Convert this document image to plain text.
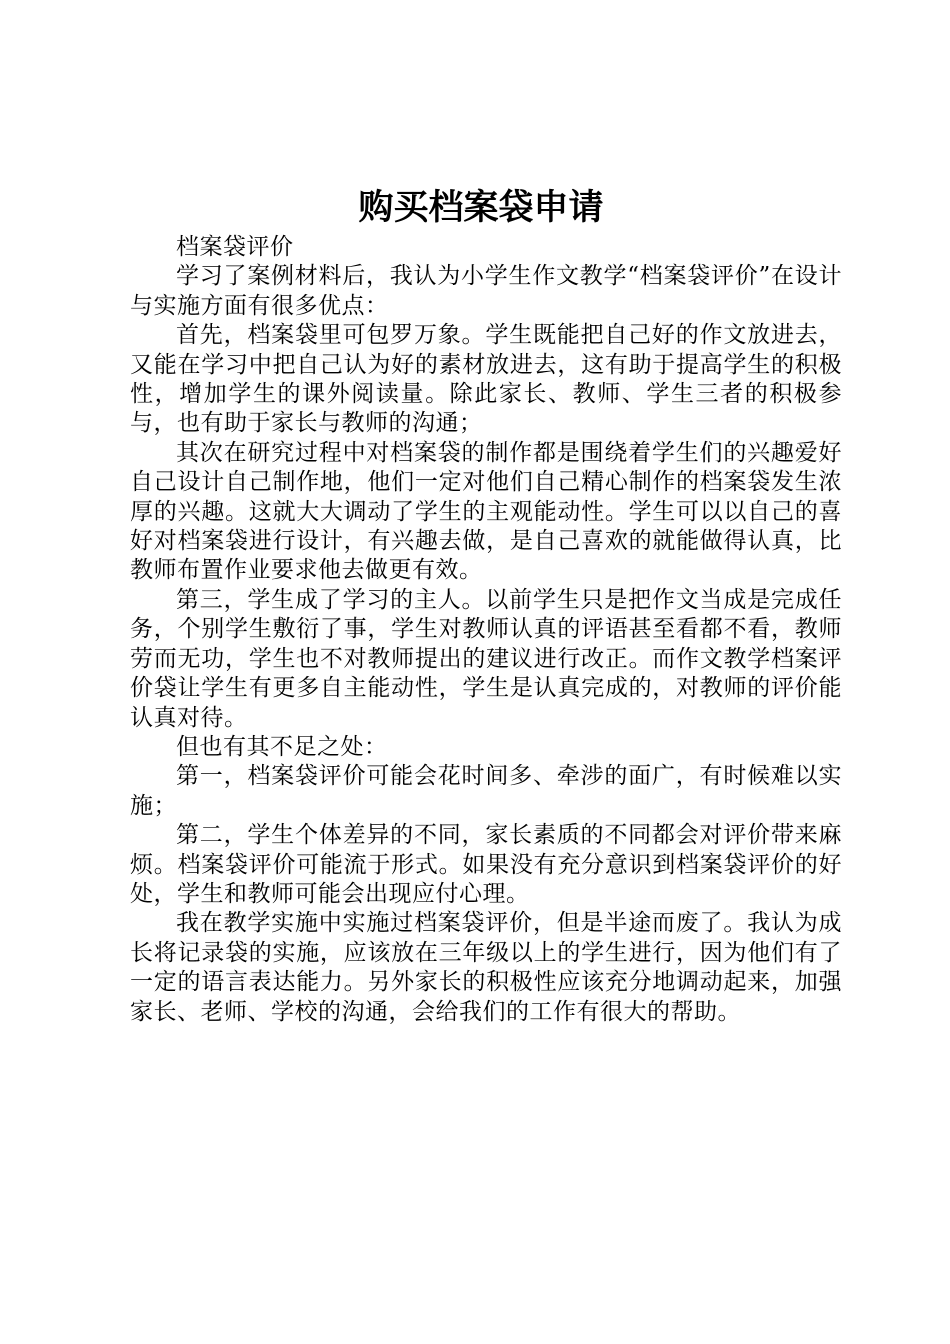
购买档案袋申请

档案袋评价

学习了案例材料后，我认为小学生作文教学“档案袋评价”在设计与实施方面有很多优点：

首先，档案袋里可包罗万象。学生既能把自己好的作文放进去，又能在学习中把自己认为好的素材放进去，这有助于提高学生的积极性，增加学生的课外阅读量。除此家长、教师、学生三者的积极参与，也有助于家长与教师的沟通；

其次在研究过程中对档案袋的制作都是围绕着学生们的兴趣爱好自己设计自己制作地，他们一定对他们自己精心制作的档案袋发生浓厚的兴趣。这就大大调动了学生的主观能动性。学生可以以自己的喜好对档案袋进行设计，有兴趣去做，是自己喜欢的就能做得认真，比教师布置作业要求他去做更有效。

第三，学生成了学习的主人。以前学生只是把作文当成是完成任务，个别学生敷衍了事，学生对教师认真的评语甚至看都不看，教师劳而无功，学生也不对教师提出的建议进行改正。而作文教学档案评价袋让学生有更多自主能动性，学生是认真完成的，对教师的评价能认真对待。

但也有其不足之处：

第一，档案袋评价可能会花时间多、牵涉的面广，有时候难以实施；

第二，学生个体差异的不同，家长素质的不同都会对评价带来麻烦。档案袋评价可能流于形式。如果没有充分意识到档案袋评价的好处，学生和教师可能会出现应付心理。

我在教学实施中实施过档案袋评价，但是半途而废了。我认为成长将记录袋的实施，应该放在三年级以上的学生进行，因为他们有了一定的语言表达能力。另外家长的积极性应该充分地调动起来，加强家长、老师、学校的沟通，会给我们的工作有很大的帮助。
